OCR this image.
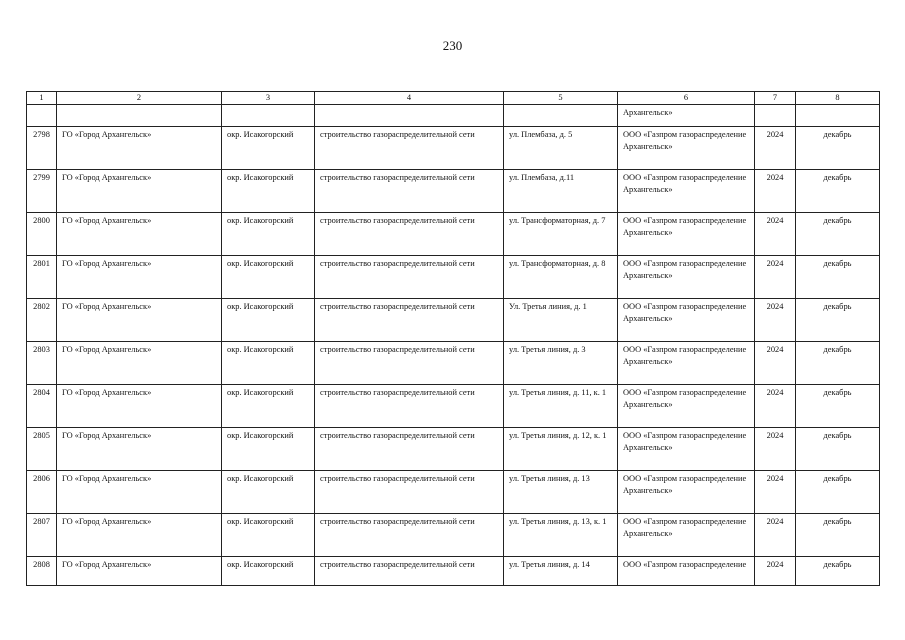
230
1	2	3	4	5	6	7	8
					Архангельск»		
2798	ГО «Город Архангельск»	окр. Исакогорский	строительство газораспределительной сети	ул. Плембаза, д. 5	ООО «Газпром газораспределение Архангельск»	2024	декабрь
2799	ГО «Город Архангельск»	окр. Исакогорский	строительство газораспределительной сети	ул. Плембаза, д.11	ООО «Газпром газораспределение Архангельск»	2024	декабрь
2800	ГО «Город Архангельск»	окр. Исакогорский	строительство газораспределительной сети	ул. Трансформаторная, д. 7	ООО «Газпром газораспределение Архангельск»	2024	декабрь
2801	ГО «Город Архангельск»	окр. Исакогорский	строительство газораспределительной сети	ул. Трансформаторная, д. 8	ООО «Газпром газораспределение Архангельск»	2024	декабрь
2802	ГО «Город Архангельск»	окр. Исакогорский	строительство газораспределительной сети	Ул. Третья линия, д. 1	ООО «Газпром газораспределение Архангельск»	2024	декабрь
2803	ГО «Город Архангельск»	окр. Исакогорский	строительство газораспределительной сети	ул. Третья линия, д. 3	ООО «Газпром газораспределение Архангельск»	2024	декабрь
2804	ГО «Город Архангельск»	окр. Исакогорский	строительство газораспределительной сети	ул. Третья линия, д. 11, к. 1	ООО «Газпром газораспределение Архангельск»	2024	декабрь
2805	ГО «Город Архангельск»	окр. Исакогорский	строительство газораспределительной сети	ул. Третья линия, д. 12, к. 1	ООО «Газпром газораспределение Архангельск»	2024	декабрь
2806	ГО «Город Архангельск»	окр. Исакогорский	строительство газораспределительной сети	ул. Третья линия, д. 13	ООО «Газпром газораспределение Архангельск»	2024	декабрь
2807	ГО «Город Архангельск»	окр. Исакогорский	строительство газораспределительной сети	ул. Третья линия, д. 13, к. 1	ООО «Газпром газораспределение Архангельск»	2024	декабрь
2808	ГО «Город Архангельск»	окр. Исакогорский	строительство газораспределительной сети	ул. Третья линия, д. 14	ООО «Газпром газораспределение	2024	декабрь
